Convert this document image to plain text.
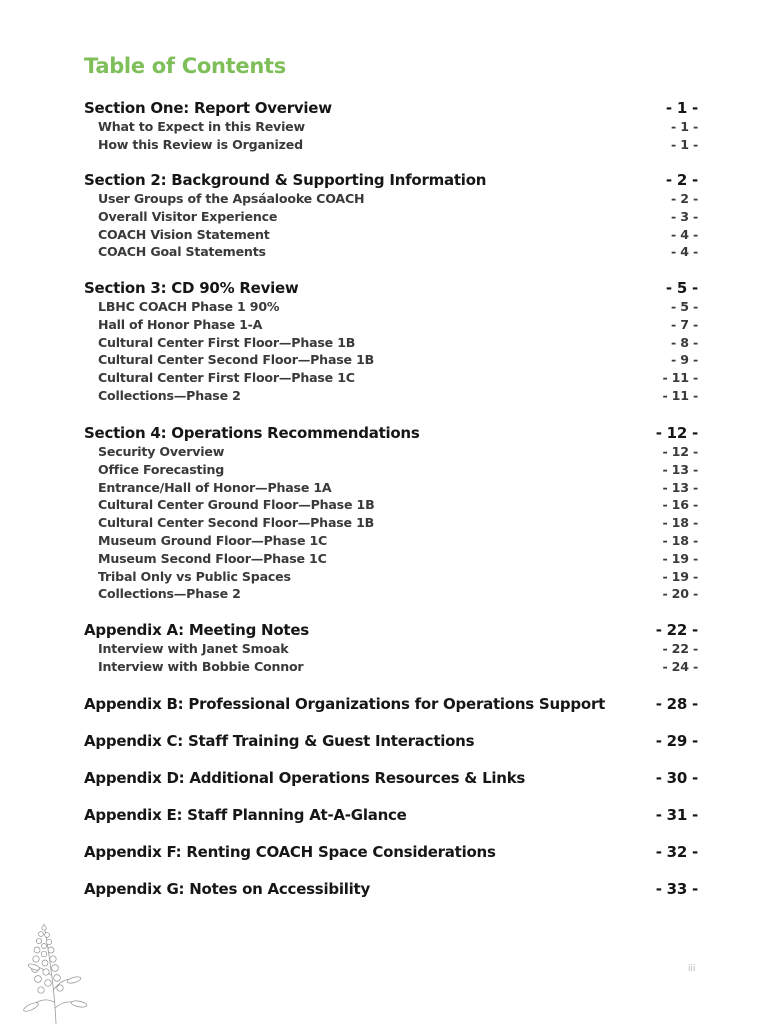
Table of Contents
Section One: Report Overview	- 1 -
What to Expect in this Review	- 1 -
How this Review is Organized	- 1 -
Section 2: Background & Supporting Information	- 2 -
User Groups of the Apsáalooke COACH	- 2 -
Overall Visitor Experience	- 3 -
COACH Vision Statement	- 4 -
COACH Goal Statements	- 4 -
Section 3: CD 90% Review	- 5 -
LBHC COACH Phase 1 90%	- 5 -
Hall of Honor Phase 1-A	- 7 -
Cultural Center First Floor—Phase 1B	- 8 -
Cultural Center Second Floor—Phase 1B	- 9 -
Cultural Center First Floor—Phase 1C	- 11 -
Collections—Phase 2	- 11 -
Section 4: Operations Recommendations	- 12 -
Security Overview	- 12 -
Office Forecasting	- 13 -
Entrance/Hall of Honor—Phase 1A	- 13 -
Cultural Center Ground Floor—Phase 1B	- 16 -
Cultural Center Second Floor—Phase 1B	- 18 -
Museum Ground Floor—Phase 1C	- 18 -
Museum Second Floor—Phase 1C	- 19 -
Tribal Only vs Public Spaces	- 19 -
Collections—Phase 2	- 20 -
Appendix A: Meeting Notes	- 22 -
Interview with Janet Smoak	- 22 -
Interview with Bobbie Connor	- 24 -
Appendix B: Professional Organizations for Operations Support	- 28 -
Appendix C: Staff Training & Guest Interactions	- 29 -
Appendix D: Additional Operations Resources & Links	- 30 -
Appendix E: Staff Planning At-A-Glance	- 31 -
Appendix F: Renting COACH Space Considerations	- 32 -
Appendix G: Notes on Accessibility	- 33 -
iii
